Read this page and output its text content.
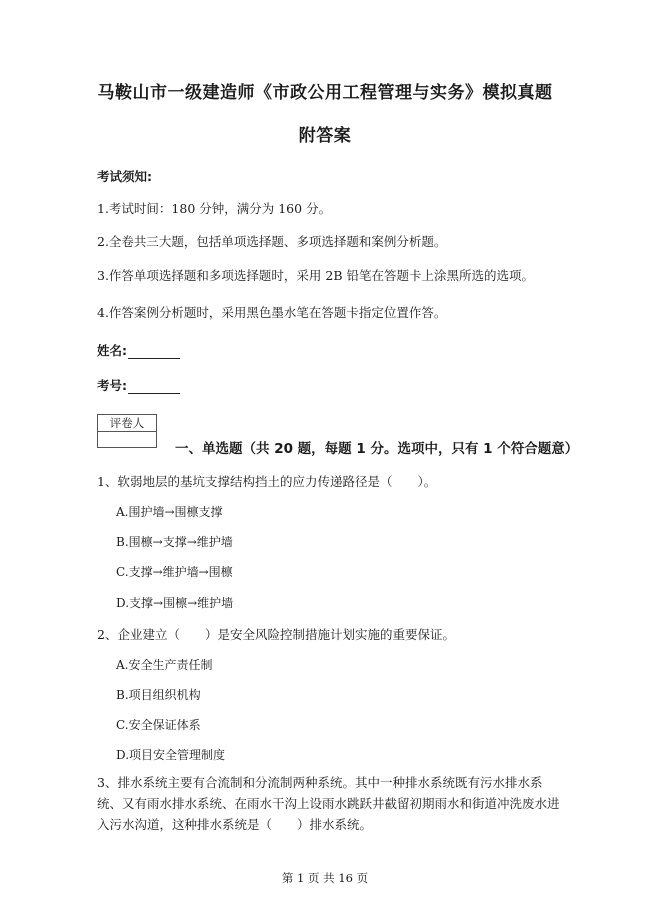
马鞍山市一级建造师《市政公用工程管理与实务》模拟真题
附答案

考试须知:

1.考试时间：180 分钟，满分为 160 分。

2.全卷共三大题，包括单项选择题、多项选择题和案例分析题。

3.作答单项选择题和多项选择题时，采用 2B 铅笔在答题卡上涂黑所选的选项。

4.作答案例分析题时，采用黑色墨水笔在答题卡指定位置作答。

姓名:

考号:

评卷人

一、单选题（共 20 题，每题 1 分。选项中，只有 1 个符合题意）

1、软弱地层的基坑支撑结构挡土的应力传递路径是（　　）。

A.围护墙→围檩支撑

B.围檩→支撑→维护墙

C.支撑→维护墙→围檩

D.支撑→围檩→维护墙

2、企业建立（　　）是安全风险控制措施计划实施的重要保证。

A.安全生产责任制

B.项目组织机构

C.安全保证体系

D.项目安全管理制度

3、排水系统主要有合流制和分流制两种系统。其中一种排水系统既有污水排水系统、又有雨水排水系统、在雨水干沟上设雨水跳跃井截留初期雨水和街道冲洗废水进入污水沟道，这种排水系统是（　　）排水系统。

第 1 页 共 16 页
